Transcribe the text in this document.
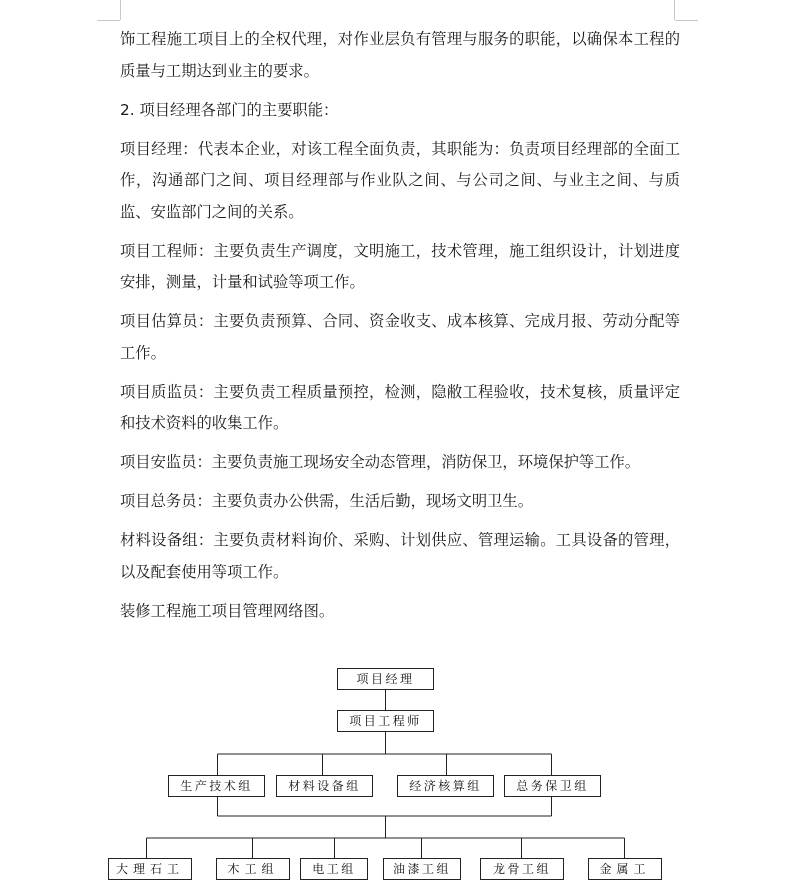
饰工程施工项目上的全权代理，对作业层负有管理与服务的职能，以确保本工程的质量与工期达到业主的要求。

2. 项目经理各部门的主要职能：

项目经理：代表本企业，对该工程全面负责，其职能为：负责项目经理部的全面工作，沟通部门之间、项目经理部与作业队之间、与公司之间、与业主之间、与质监、安监部门之间的关系。

项目工程师：主要负责生产调度，文明施工，技术管理，施工组织设计，计划进度安排，测量，计量和试验等项工作。

项目估算员：主要负责预算、合同、资金收支、成本核算、完成月报、劳动分配等工作。

项目质监员：主要负责工程质量预控，检测，隐敝工程验收，技术复核，质量评定和技术资料的收集工作。

项目安监员：主要负责施工现场安全动态管理，消防保卫，环境保护等工作。

项目总务员：主要负责办公供需，生活后勤，现场文明卫生。

材料设备组：主要负责材料询价、采购、计划供应、管理运输。工具设备的管理，以及配套使用等项工作。

装修工程施工项目管理网络图。

项目经理
项目工程师
生产技术组	材料设备组	经济核算组	总务保卫组
大理石工	木工组	电工组	油漆工组	龙骨工组	金属工
